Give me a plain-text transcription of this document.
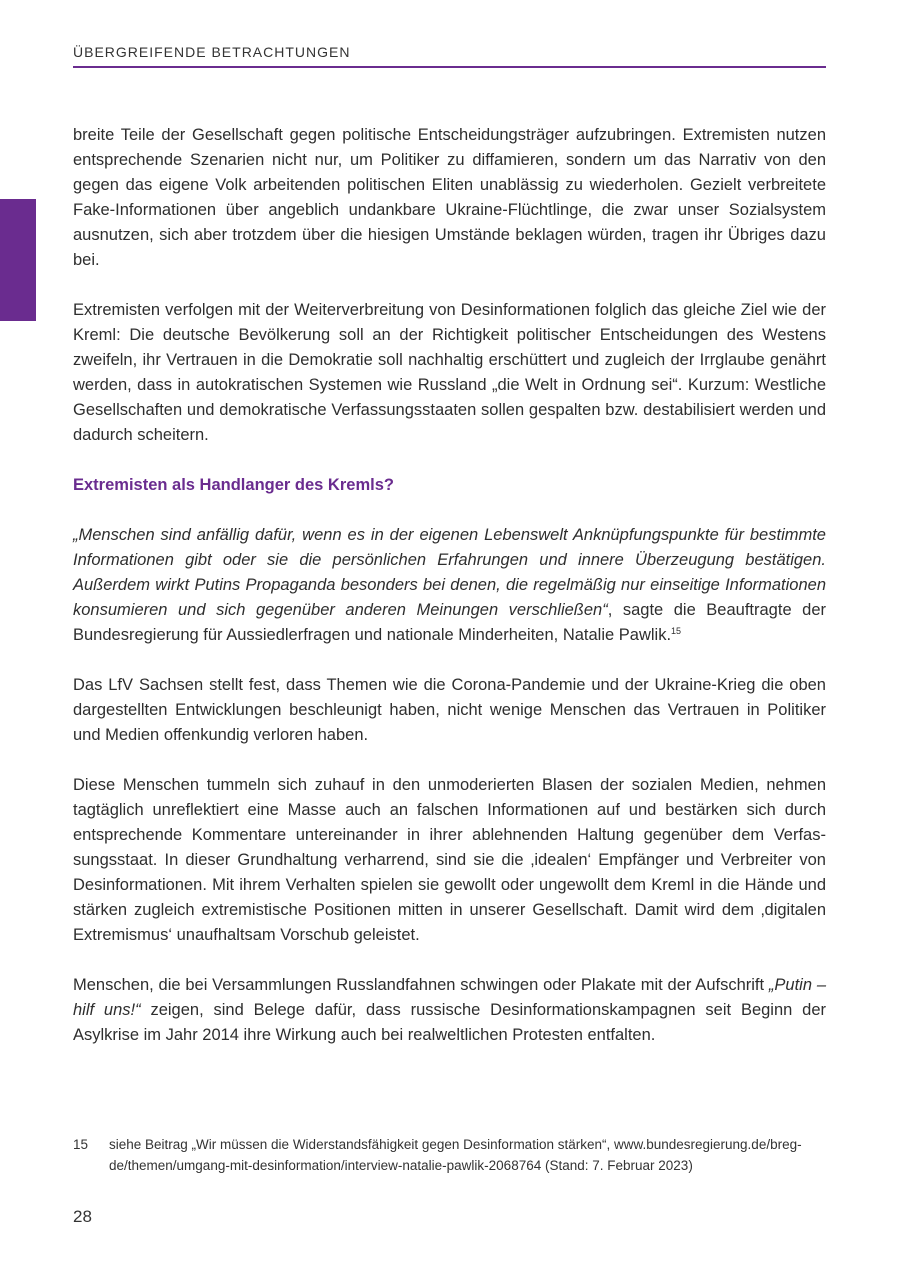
ÜBERGREIFENDE BETRACHTUNGEN

breite Teile der Gesellschaft gegen politische Entscheidungsträger aufzubringen. Extremisten nutzen entsprechende Szenarien nicht nur, um Politiker zu diffamieren, sondern um das Narrativ von den gegen das eigene Volk arbeitenden politischen Eliten unablässig zu wiederholen. Gezielt verbreitete Fake-Informationen über angeblich undankbare Ukraine-Flüchtlinge, die zwar unser Sozialsystem ausnutzen, sich aber trotzdem über die hiesigen Umstände beklagen würden, tragen ihr Übriges dazu bei.

Extremisten verfolgen mit der Weiterverbreitung von Desinformationen folglich das gleiche Ziel wie der Kreml: Die deutsche Bevölkerung soll an der Richtigkeit politischer Entscheidungen des Westens zweifeln, ihr Vertrauen in die Demokratie soll nachhaltig erschüttert und zugleich der Irrglaube genährt werden, dass in autokratischen Systemen wie Russland „die Welt in Ordnung sei“. Kurzum: Westliche Gesellschaften und demokratische Verfassungsstaaten sollen gespalten bzw. destabilisiert werden und dadurch scheitern.

Extremisten als Handlanger des Kremls?

„Menschen sind anfällig dafür, wenn es in der eigenen Lebenswelt Anknüpfungspunkte für bestimmte Informationen gibt oder sie die persönlichen Erfahrungen und innere Überzeugung bestätigen. Außerdem wirkt Putins Propaganda besonders bei denen, die regelmäßig nur einseitige Informationen konsumieren und sich gegenüber anderen Meinungen verschließen“, sagte die Beauftragte der Bundesregierung für Aussiedlerfragen und nationale Minderheiten, Natalie Pawlik.$^{15}$

Das LfV Sachsen stellt fest, dass Themen wie die Corona-Pandemie und der Ukraine-Krieg die oben dargestellten Entwicklungen beschleunigt haben, nicht wenige Menschen das Vertrauen in Politiker und Medien offenkundig verloren haben.

Diese Menschen tummeln sich zuhauf in den unmoderierten Blasen der sozialen Medien, nehmen tagtäglich unreflektiert eine Masse auch an falschen Informationen auf und bestärken sich durch entsprechende Kommentare untereinander in ihrer ablehnenden Haltung gegenüber dem Verfassungsstaat. In dieser Grundhaltung verharrend, sind sie die ‚idealen‘ Empfänger und Verbreiter von Desinformationen. Mit ihrem Verhalten spielen sie gewollt oder ungewollt dem Kreml in die Hände und stärken zugleich extremistische Positionen mitten in unserer Gesellschaft. Damit wird dem ‚digitalen Extremismus‘ unaufhaltsam Vorschub geleistet.

Menschen, die bei Versammlungen Russlandfahnen schwingen oder Plakate mit der Aufschrift „Putin – hilf uns!“ zeigen, sind Belege dafür, dass russische Desinformationskampagnen seit Beginn der Asylkrise im Jahr 2014 ihre Wirkung auch bei realweltlichen Protesten entfalten.

15	siehe Beitrag „Wir müssen die Widerstandsfähigkeit gegen Desinformation stärken“, www.bundesregierung.de/breg-de/themen/umgang-mit-desinformation/interview-natalie-pawlik-2068764 (Stand: 7. Februar 2023)
28
